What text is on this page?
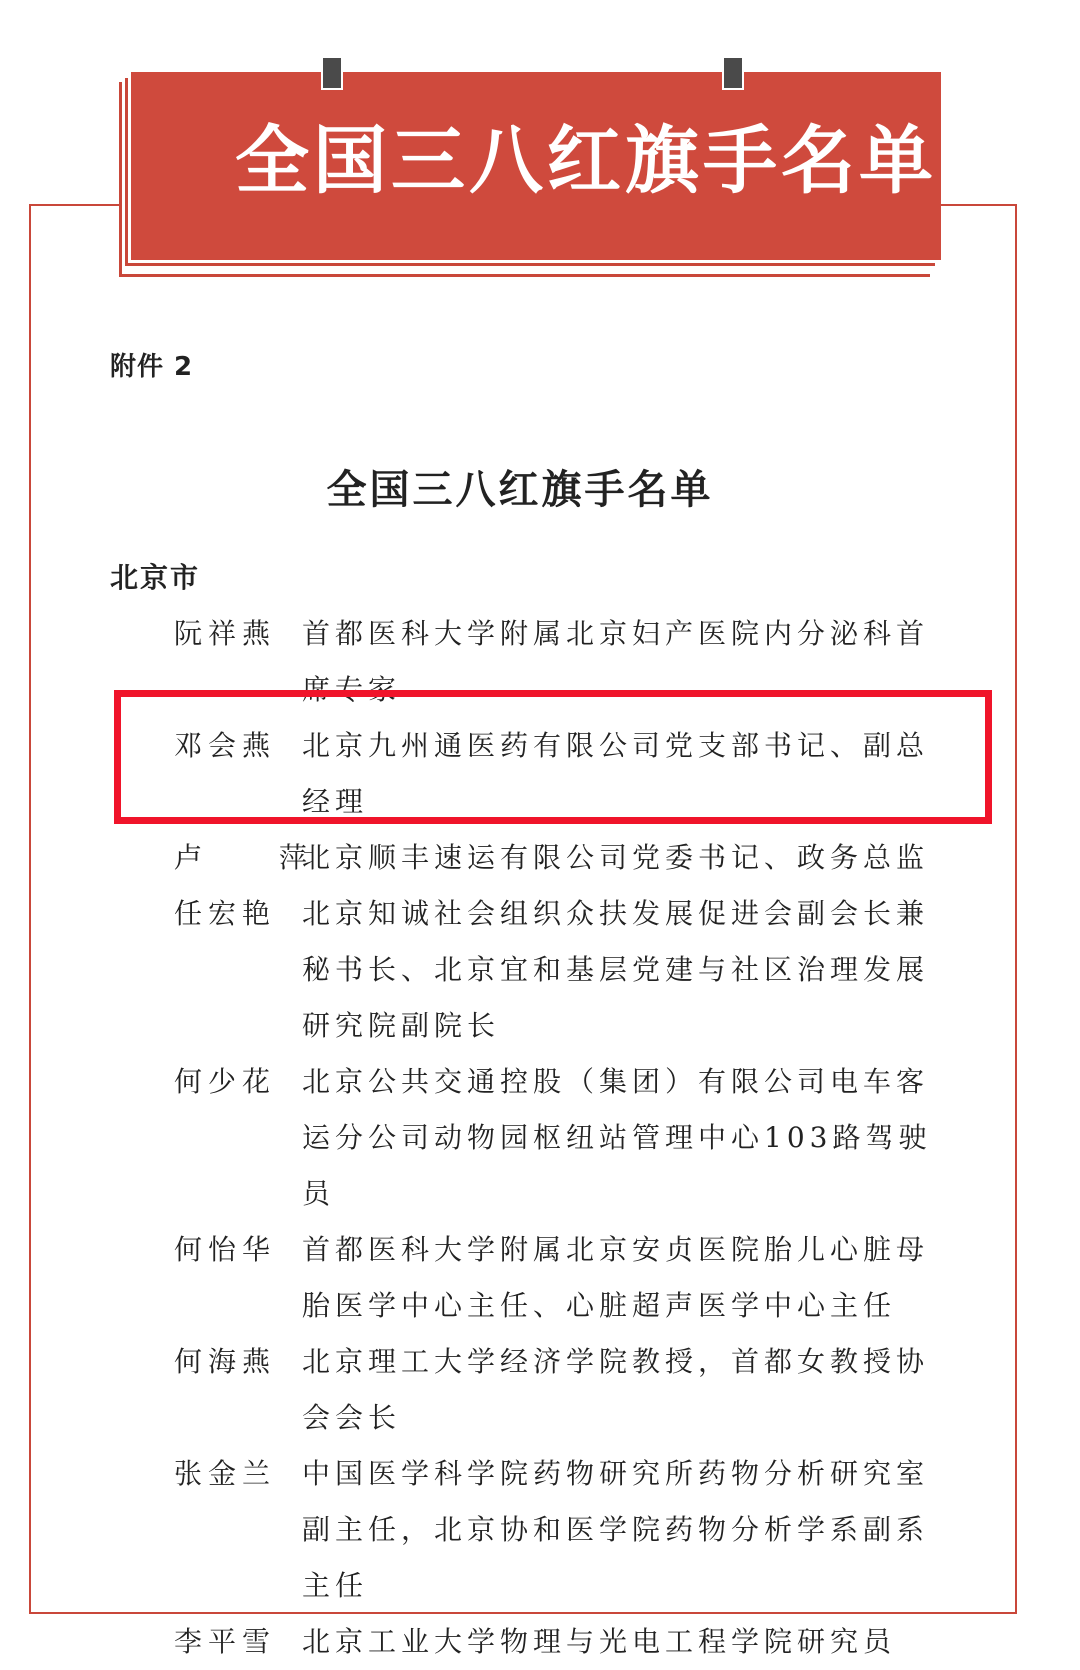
全国三八红旗手名单
附件 2
全国三八红旗手名单
北京市
阮祥燕 首都医科大学附属北京妇产医院内分泌科首席专家
邓会燕 北京九州通医药有限公司党支部书记、副总经理
卢 萍
北京顺丰速运有限公司党委书记、政务总监
任宏艳 北京知诚社会组织众扶发展促进会副会长兼秘书长、北京宜和基层党建与社区治理发展研究院副院长
何少花 北京公共交通控股（集团）有限公司电车客运分公司动物园枢纽站管理中心103路驾驶员
何怡华 首都医科大学附属北京安贞医院胎儿心脏母胎医学中心主任、心脏超声医学中心主任
何海燕 北京理工大学经济学院教授，首都女教授协会会长
张金兰 中国医学科学院药物研究所药物分析研究室副主任，北京协和医学院药物分析学系副系主任
李平雪 北京工业大学物理与光电工程学院研究员
